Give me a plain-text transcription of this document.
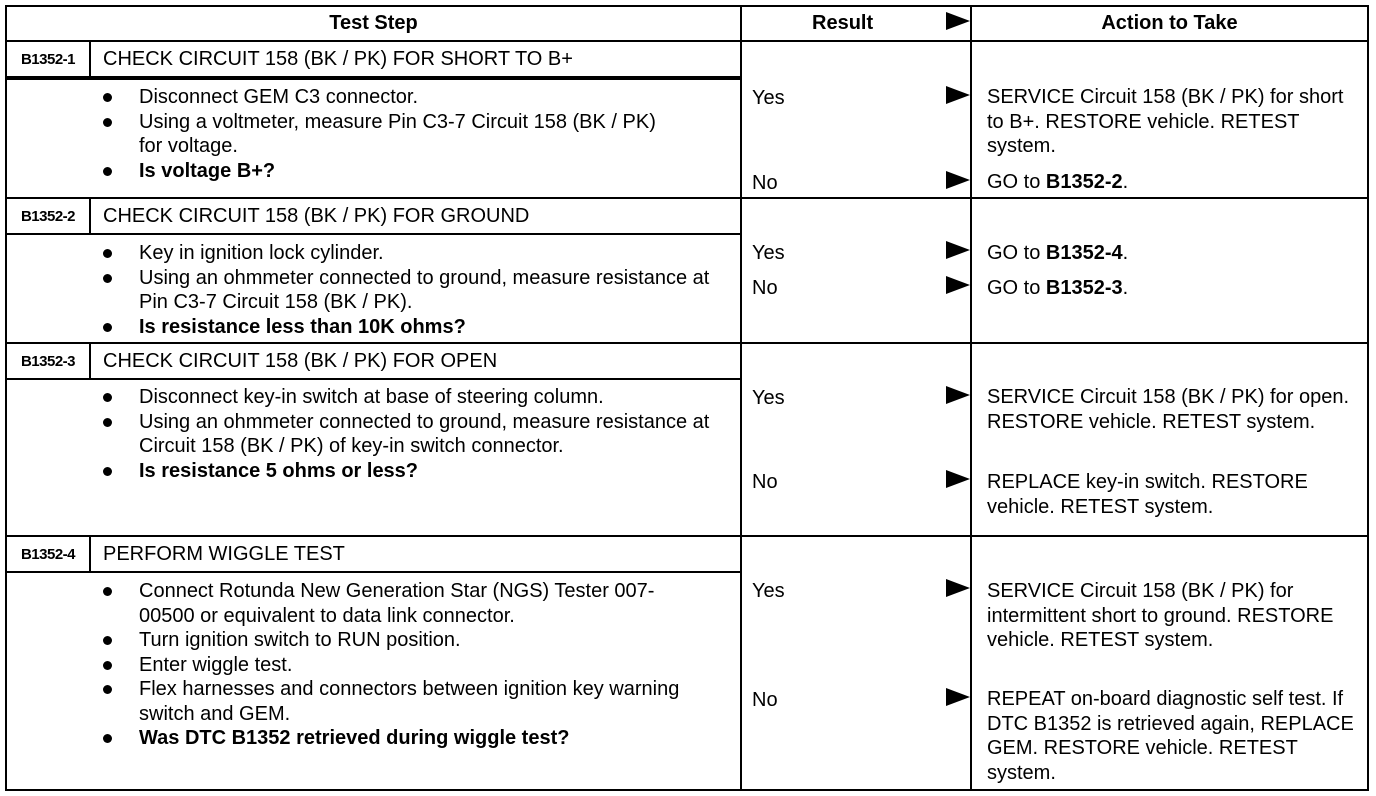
Test Step	Result	Action to Take
B1352-1	CHECK CIRCUIT 158 (BK / PK) FOR SHORT TO B+
Disconnect GEM C3 connector.
Using a voltmeter, measure Pin C3-7 Circuit 158 (BK / PK) for voltage.
Is voltage B+?
Yes	SERVICE Circuit 158 (BK / PK) for short to B+. RESTORE vehicle. RETEST system.
No	GO to B1352-2.
B1352-2	CHECK CIRCUIT 158 (BK / PK) FOR GROUND
Key in ignition lock cylinder.
Using an ohmmeter connected to ground, measure resistance at Pin C3-7 Circuit 158 (BK / PK).
Is resistance less than 10K ohms?
Yes	GO to B1352-4.
No	GO to B1352-3.
B1352-3	CHECK CIRCUIT 158 (BK / PK) FOR OPEN
Disconnect key-in switch at base of steering column.
Using an ohmmeter connected to ground, measure resistance at Circuit 158 (BK / PK) of key-in switch connector.
Is resistance 5 ohms or less?
Yes	SERVICE Circuit 158 (BK / PK) for open. RESTORE vehicle. RETEST system.
No	REPLACE key-in switch. RESTORE vehicle. RETEST system.
B1352-4	PERFORM WIGGLE TEST
Connect Rotunda New Generation Star (NGS) Tester 007-00500 or equivalent to data link connector.
Turn ignition switch to RUN position.
Enter wiggle test.
Flex harnesses and connectors between ignition key warning switch and GEM.
Was DTC B1352 retrieved during wiggle test?
Yes	SERVICE Circuit 158 (BK / PK) for intermittent short to ground. RESTORE vehicle. RETEST system.
No	REPEAT on-board diagnostic self test. If DTC B1352 is retrieved again, REPLACE GEM. RESTORE vehicle. RETEST system.
